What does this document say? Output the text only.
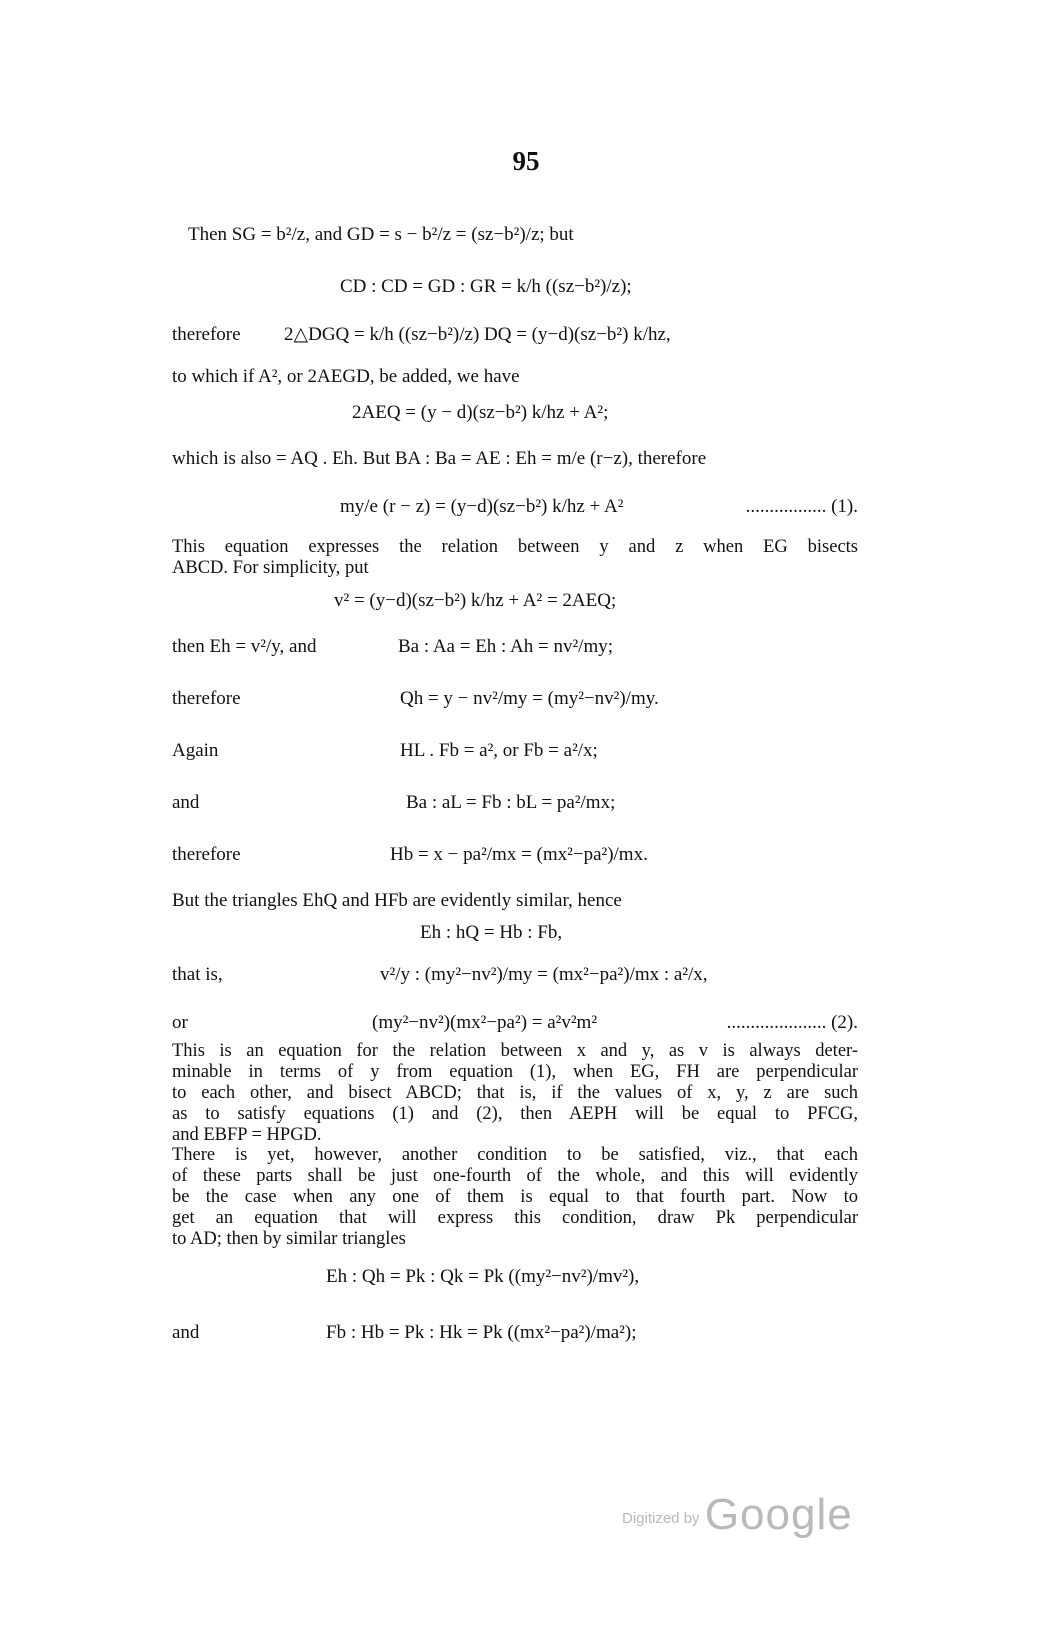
95
Then SG = b²/z, and GD = s − b²/z = (sz−b²)/z; but
CD : CD = GD : GR = k/h ((sz−b²)/z);
therefore 2△DGQ = k/h ((sz−b²)/z) DQ = (y−d)(sz−b²) k/hz,
to which if A², or 2AEGD, be added, we have
2AEQ = (y − d)(sz−b²) k/hz + A²;
which is also = AQ . Eh. But BA : Ba = AE : Eh = m/e (r−z), therefore
my/e (r − z) = (y−d)(sz−b²) k/hz + A²	................. (1).
This equation expresses the relation between y and z when EG bisects
ABCD. For simplicity, put
v² = (y−d)(sz−b²) k/hz + A² = 2AEQ;
then Eh = v²/y, and	Ba : Aa = Eh : Ah = nv²/my;
therefore	Qh = y − nv²/my = (my²−nv²)/my.
Again	HL . Fb = a², or Fb = a²/x;
and	Ba : aL = Fb : bL = pa²/mx;
therefore	Hb = x − pa²/mx = (mx²−pa²)/mx.
But the triangles EhQ and HFb are evidently similar, hence
Eh : hQ = Hb : Fb,
that is,	v²/y : (my²−nv²)/my = (mx²−pa²)/mx : a²/x,
or	(my²−nv²)(mx²−pa²) = a²v²m²	..................... (2).
This is an equation for the relation between x and y, as v is always deter-
minable in terms of y from equation (1), when EG, FH are perpendicular
to each other, and bisect ABCD; that is, if the values of x, y, z are such
as to satisfy equations (1) and (2), then AEPH will be equal to PFCG,
and EBFP = HPGD.
There is yet, however, another condition to be satisfied, viz., that each
of these parts shall be just one-fourth of the whole, and this will evidently
be the case when any one of them is equal to that fourth part. Now to
get an equation that will express this condition, draw Pk perpendicular
to AD; then by similar triangles
Eh : Qh = Pk : Qk = Pk ((my²−nv²)/mv²),
and	Fb : Hb = Pk : Hk = Pk ((mx²−pa²)/ma²);
$^{Digitized by}$ Google
